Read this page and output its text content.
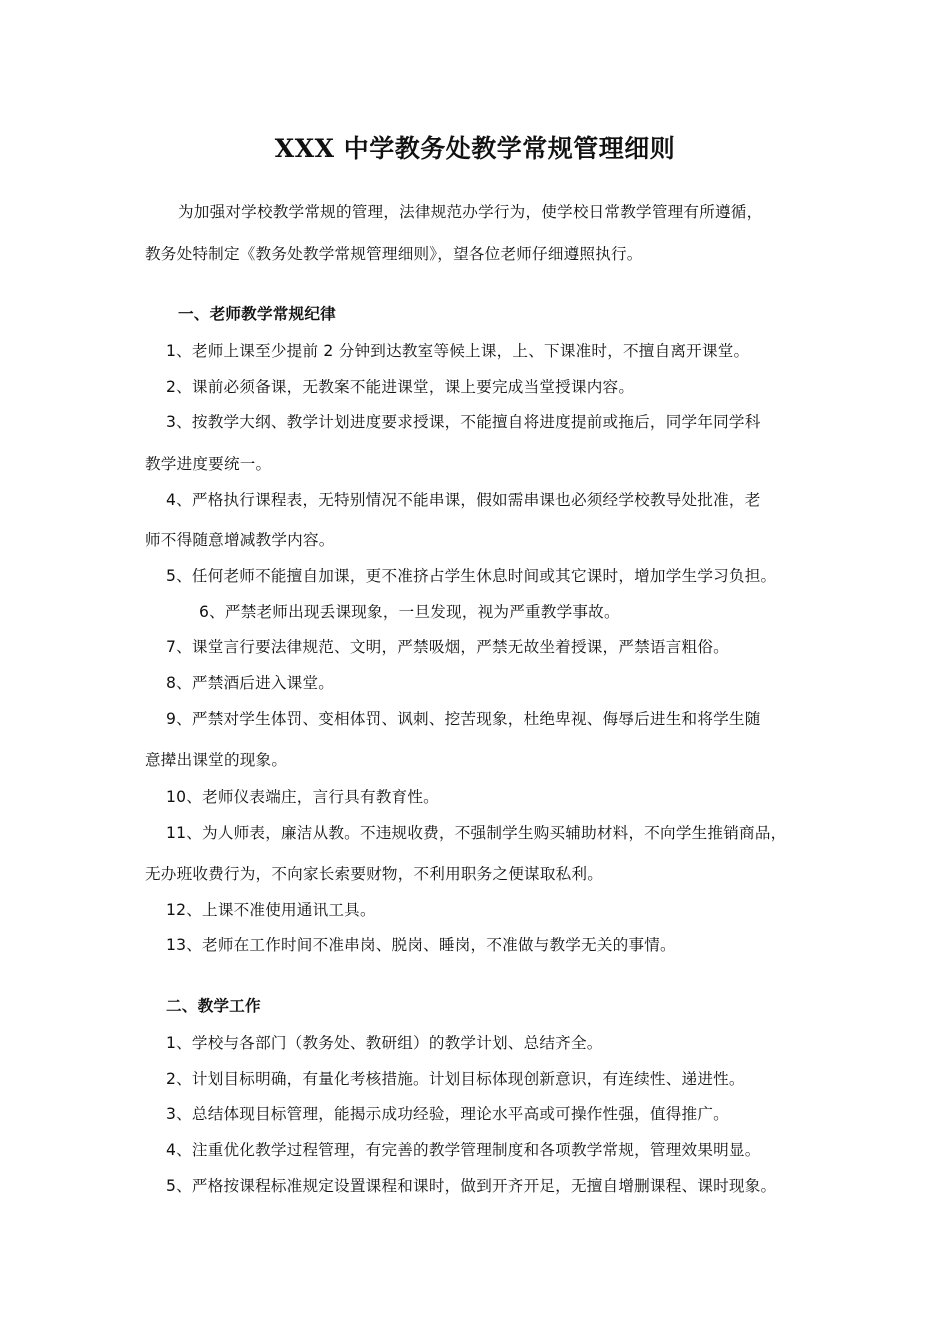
XXX 中学教务处教学常规管理细则
为加强对学校教学常规的管理，法律规范办学行为，使学校日常教学管理有所遵循，
教务处特制定《教务处教学常规管理细则》，望各位老师仔细遵照执行。
一、老师教学常规纪律
1、老师上课至少提前 2 分钟到达教室等候上课，上、下课准时，不擅自离开课堂。
2、课前必须备课，无教案不能进课堂，课上要完成当堂授课内容。
3、按教学大纲、教学计划进度要求授课，不能擅自将进度提前或拖后，同学年同学科
教学进度要统一。
4、严格执行课程表，无特别情况不能串课，假如需串课也必须经学校教导处批准，老
师不得随意增减教学内容。
5、任何老师不能擅自加课，更不准挤占学生休息时间或其它课时，增加学生学习负担。
6、严禁老师出现丢课现象，一旦发现，视为严重教学事故。
7、课堂言行要法律规范、文明，严禁吸烟，严禁无故坐着授课，严禁语言粗俗。
8、严禁酒后进入课堂。
9、严禁对学生体罚、变相体罚、讽刺、挖苦现象，杜绝卑视、侮辱后进生和将学生随
意撵出课堂的现象。
10、老师仪表端庄，言行具有教育性。
11、为人师表，廉洁从教。不违规收费，不强制学生购买辅助材料，不向学生推销商品，
无办班收费行为，不向家长索要财物，不利用职务之便谋取私利。
12、上课不准使用通讯工具。
13、老师在工作时间不准串岗、脱岗、睡岗，不准做与教学无关的事情。
二、教学工作
1、学校与各部门（教务处、教研组）的教学计划、总结齐全。
2、计划目标明确，有量化考核措施。计划目标体现创新意识，有连续性、递进性。
3、总结体现目标管理，能揭示成功经验，理论水平高或可操作性强，值得推广。
4、注重优化教学过程管理，有完善的教学管理制度和各项教学常规，管理效果明显。
5、严格按课程标准规定设置课程和课时，做到开齐开足，无擅自增删课程、课时现象。
